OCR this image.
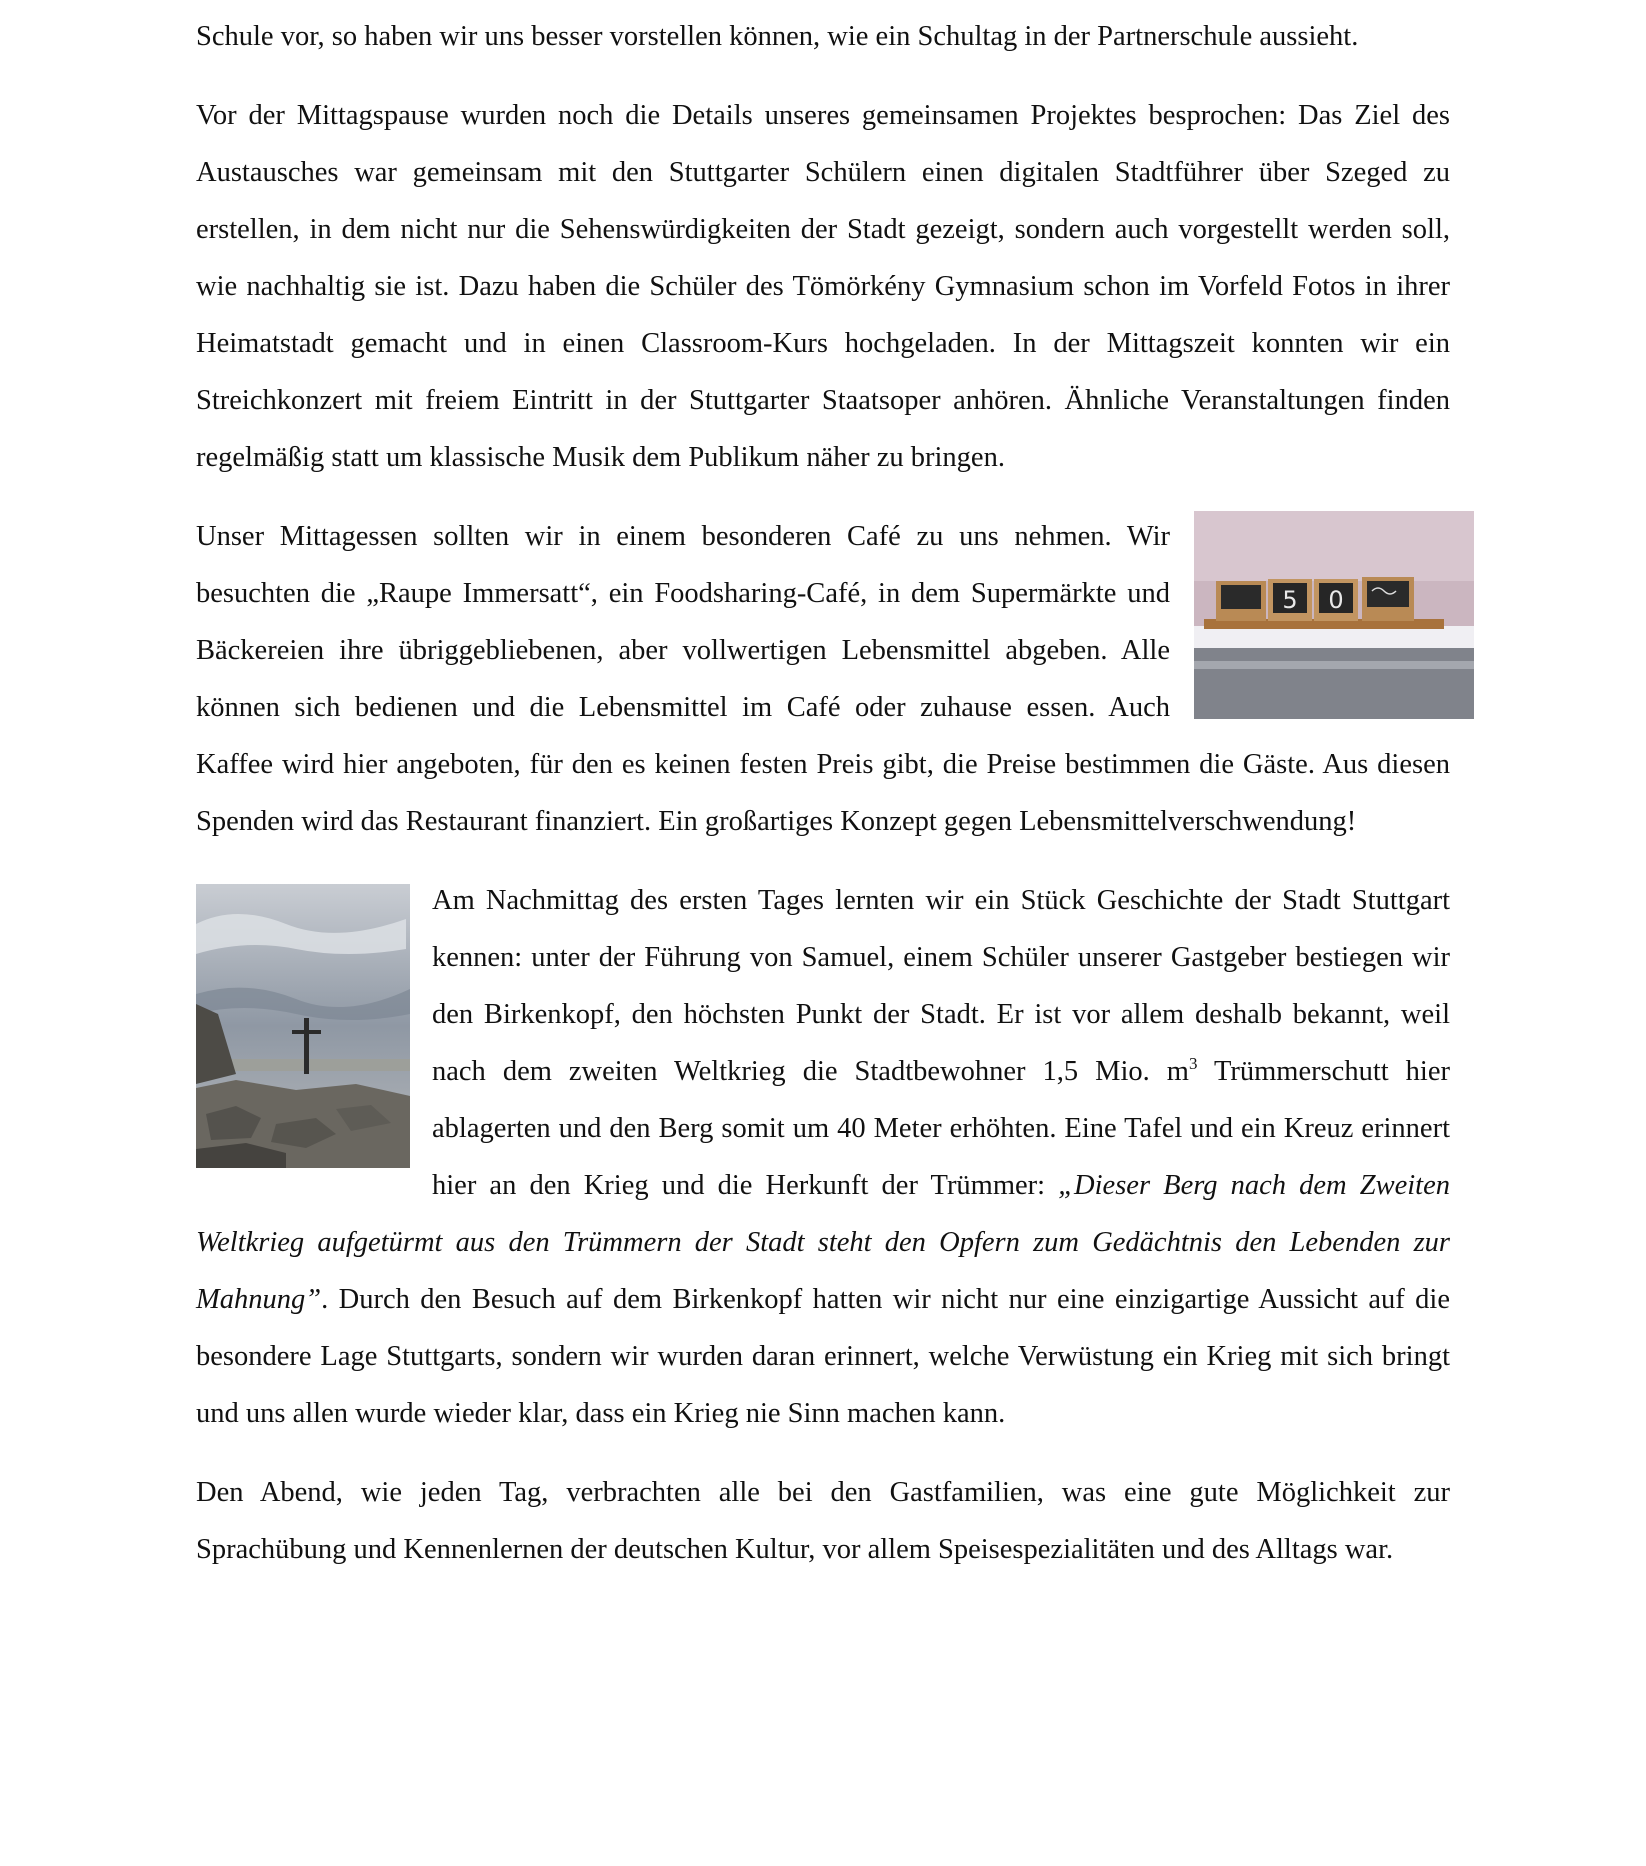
Schule vor, so haben wir uns besser vorstellen können, wie ein Schultag in der Partnerschule aussieht.

Vor der Mittagspause wurden noch die Details unseres gemeinsamen Projektes besprochen: Das Ziel des Austausches war gemeinsam mit den Stuttgarter Schülern einen digitalen Stadtführer über Szeged zu erstellen, in dem nicht nur die Sehenswürdigkeiten der Stadt gezeigt, sondern auch vorgestellt werden soll, wie nachhaltig sie ist. Dazu haben die Schüler des Tömörkény Gymnasium schon im Vorfeld Fotos in ihrer Heimatstadt gemacht und in einen Classroom-Kurs hochgeladen. In der Mittagszeit konnten wir ein Streichkonzert mit freiem Eintritt in der Stuttgarter Staatsoper anhören. Ähnliche Veranstaltungen finden regelmäßig statt um klassische Musik dem Publikum näher zu bringen.

5 0
Unser Mittagessen sollten wir in einem besonderen Café zu uns nehmen. Wir besuchten die „Raupe Immersatt“, ein Foodsharing-Café, in dem Supermärkte und Bäckereien ihre übriggebliebenen, aber vollwertigen Lebensmittel abgeben. Alle können sich bedienen und die Lebensmittel im Café oder zuhause essen. Auch Kaffee wird hier angeboten, für den es keinen festen Preis gibt, die Preise bestimmen die Gäste. Aus diesen Spenden wird das Restaurant finanziert. Ein großartiges Konzept gegen Lebensmittelverschwendung!

Am Nachmittag des ersten Tages lernten wir ein Stück Geschichte der Stadt Stuttgart kennen: unter der Führung von Samuel, einem Schüler unserer Gastgeber bestiegen wir den Birkenkopf, den höchsten Punkt der Stadt. Er ist vor allem deshalb bekannt, weil nach dem zweiten Weltkrieg die Stadtbewohner 1,5 Mio. $m^3$ Trümmerschutt hier ablagerten und den Berg somit um 40 Meter erhöhten. Eine Tafel und ein Kreuz erinnert hier an den Krieg und die Herkunft der Trümmer: „Dieser Berg nach dem Zweiten Weltkrieg aufgetürmt aus den Trümmern der Stadt steht den Opfern zum Gedächtnis den Lebenden zur Mahnung”. Durch den Besuch auf dem Birkenkopf hatten wir nicht nur eine einzigartige Aussicht auf die besondere Lage Stuttgarts, sondern wir wurden daran erinnert, welche Verwüstung ein Krieg mit sich bringt und uns allen wurde wieder klar, dass ein Krieg nie Sinn machen kann.

Den Abend, wie jeden Tag, verbrachten alle bei den Gastfamilien, was eine gute Möglichkeit zur Sprachübung und Kennenlernen der deutschen Kultur, vor allem Speisespezialitäten und des Alltags war.
